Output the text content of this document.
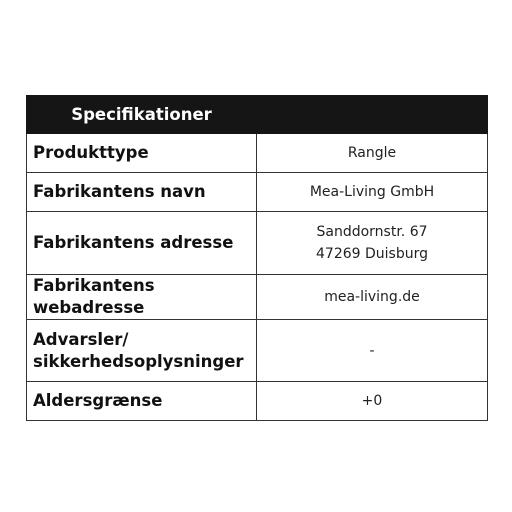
Specifikationer	
Produkttype	Rangle
Fabrikantens navn	Mea-Living GmbH
Fabrikantens adresse	Sanddornstr. 67
47269 Duisburg

Fabrikantens webadresse	mea-living.de

Advarsler/
sikkerhedsoplysninger	-
Aldersgrænse	+0
